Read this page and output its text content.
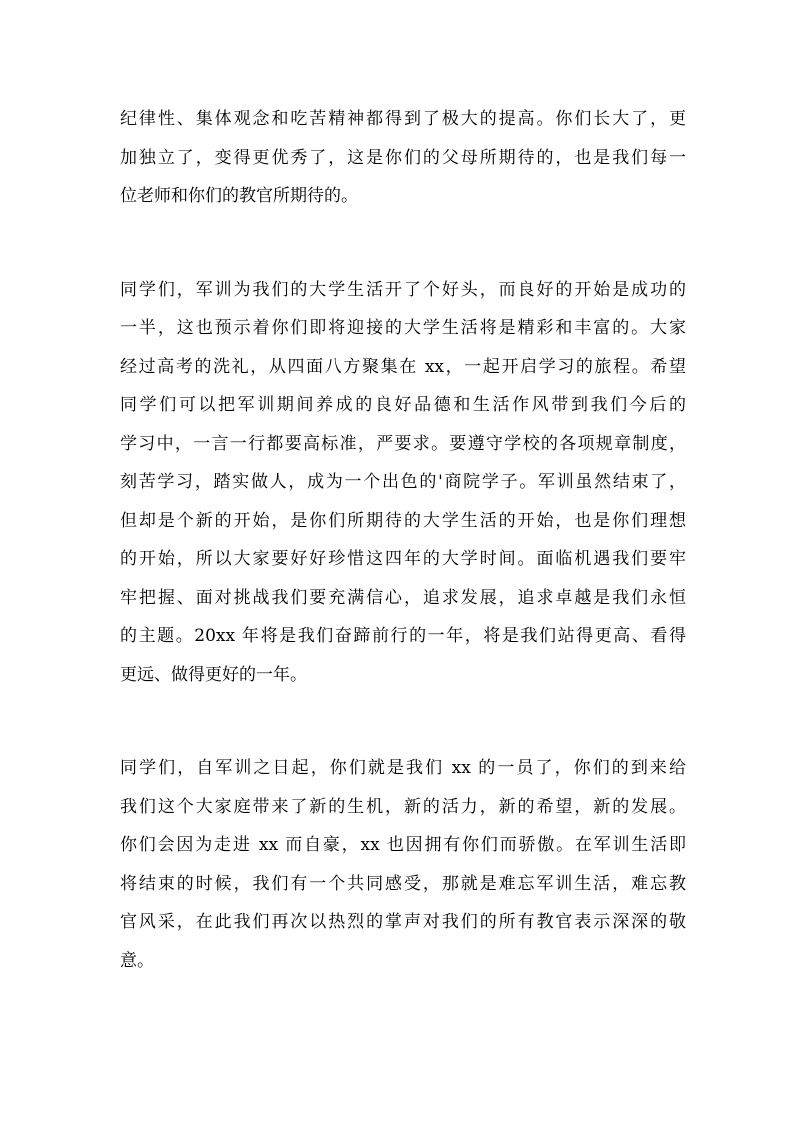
纪律性、集体观念和吃苦精神都得到了极大的提高。你们长大了，更
加独立了，变得更优秀了，这是你们的父母所期待的，也是我们每一
位老师和你们的教官所期待的。
同学们，军训为我们的大学生活开了个好头，而良好的开始是成功的
一半，这也预示着你们即将迎接的大学生活将是精彩和丰富的。大家
经过高考的洗礼，从四面八方聚集在 xx，一起开启学习的旅程。希望
同学们可以把军训期间养成的良好品德和生活作风带到我们今后的
学习中，一言一行都要高标准，严要求。要遵守学校的各项规章制度，
刻苦学习，踏实做人，成为一个出色的'商院学子。军训虽然结束了，
但却是个新的开始，是你们所期待的大学生活的开始，也是你们理想
的开始，所以大家要好好珍惜这四年的大学时间。面临机遇我们要牢
牢把握、面对挑战我们要充满信心，追求发展，追求卓越是我们永恒
的主题。20xx 年将是我们奋蹄前行的一年，将是我们站得更高、看得
更远、做得更好的一年。
同学们，自军训之日起，你们就是我们 xx 的一员了，你们的到来给
我们这个大家庭带来了新的生机，新的活力，新的希望，新的发展。
你们会因为走进 xx 而自豪，xx 也因拥有你们而骄傲。在军训生活即
将结束的时候，我们有一个共同感受，那就是难忘军训生活，难忘教
官风采，在此我们再次以热烈的掌声对我们的所有教官表示深深的敬
意。
